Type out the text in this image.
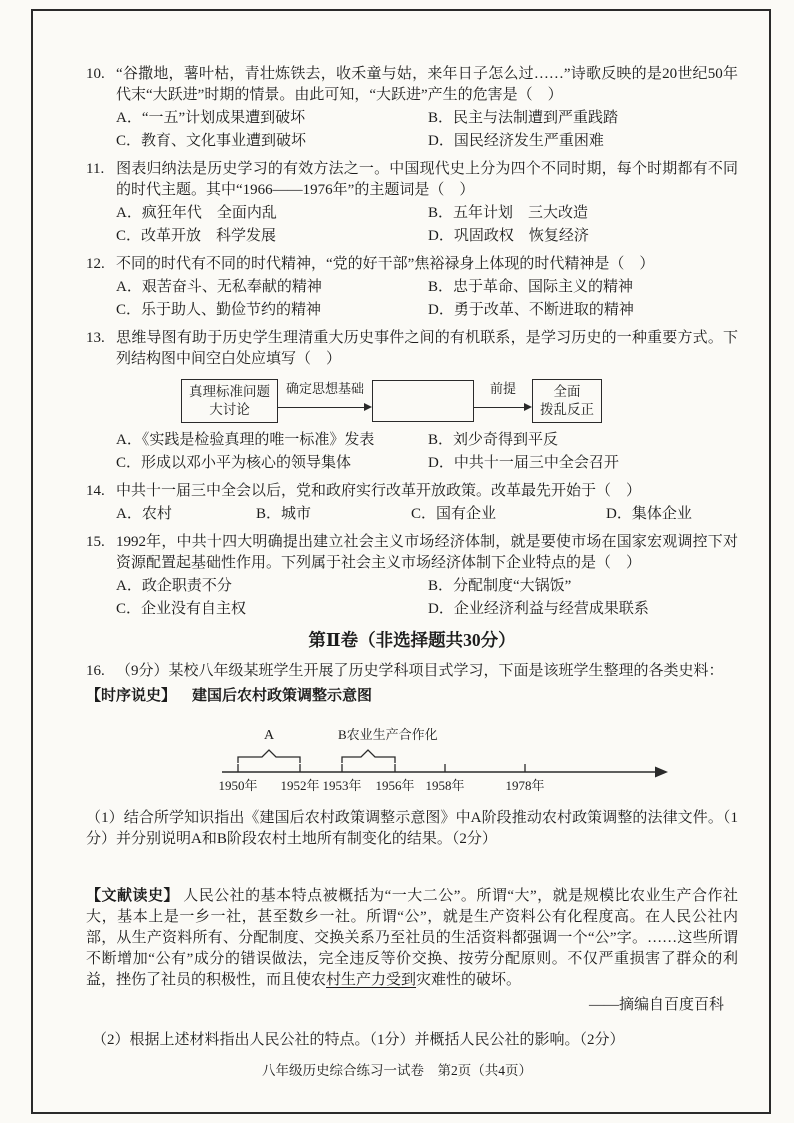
10. “谷撒地，薯叶枯，青壮炼铁去，收禾童与姑，来年日子怎么过……”诗歌反映的是20世纪50年代末“大跃进”时期的情景。由此可知，“大跃进”产生的危害是（　）
A．“一五”计划成果遭到破坏	B．民主与法制遭到严重践踏
C．教育、文化事业遭到破坏	D．国民经济发生严重困难
11. 图表归纳法是历史学习的有效方法之一。中国现代史上分为四个不同时期，每个时期都有不同的时代主题。其中“1966——1976年”的主题词是（　）
A．疯狂年代　全面内乱	B．五年计划　三大改造
C．改革开放　科学发展	D．巩固政权　恢复经济
12. 不同的时代有不同的时代精神，“党的好干部”焦裕禄身上体现的时代精神是（　）
A．艰苦奋斗、无私奉献的精神	B．忠于革命、国际主义的精神
C．乐于助人、勤俭节约的精神	D．勇于改革、不断进取的精神
13. 思维导图有助于历史学生理清重大历史事件之间的有机联系，是学习历史的一种重要方式。下列结构图中间空白处应填写（　）
真理标准问题
大讨论
确定思想基础	前提	全面
拨乱反正
A．《实践是检验真理的唯一标准》发表	B．刘少奇得到平反
C．形成以邓小平为核心的领导集体	D．中共十一届三中全会召开
14. 中共十一届三中全会以后，党和政府实行改革开放政策。改革最先开始于（　）
A．农村	B．城市	C．国有企业	D．集体企业
15. 1992年，中共十四大明确提出建立社会主义市场经济体制，就是要使市场在国家宏观调控下对资源配置起基础性作用。下列属于社会主义市场经济体制下企业特点的是（　）
A．政企职责不分	B．分配制度“大锅饭”
C．企业没有自主权	D．企业经济利益与经营成果联系
第Ⅱ卷（非选择题共30分）
16. （9分）某校八年级某班学生开展了历史学科项目式学习，下面是该班学生整理的各类史料：
【时序说史】 建国后农村政策调整示意图
A	B农业生产合作化
1950年 1952年 1953年 1956年 1958年	1978年
（1）结合所学知识指出《建国后农村政策调整示意图》中A阶段推动农村政策调整的法律文件。（1分）并分别说明A和B阶段农村土地所有制变化的结果。（2分）
【文献读史】 人民公社的基本特点被概括为“一大二公”。所谓“大”，就是规模比农业生产合作社大，基本上是一乡一社，甚至数乡一社。所谓“公”，就是生产资料公有化程度高。在人民公社内部，从生产资料所有、分配制度、交换关系乃至社员的生活资料都强调一个“公”字。……这些所谓不断增加“公有”成分的错误做法，完全违反等价交换、按劳分配原则。不仅严重损害了群众的利益，挫伤了社员的积极性，而且使农村生产力受到灾难性的破坏。
——摘编自百度百科
（2）根据上述材料指出人民公社的特点。（1分）并概括人民公社的影响。（2分）
八年级历史综合练习一试卷　第2页（共4页）
